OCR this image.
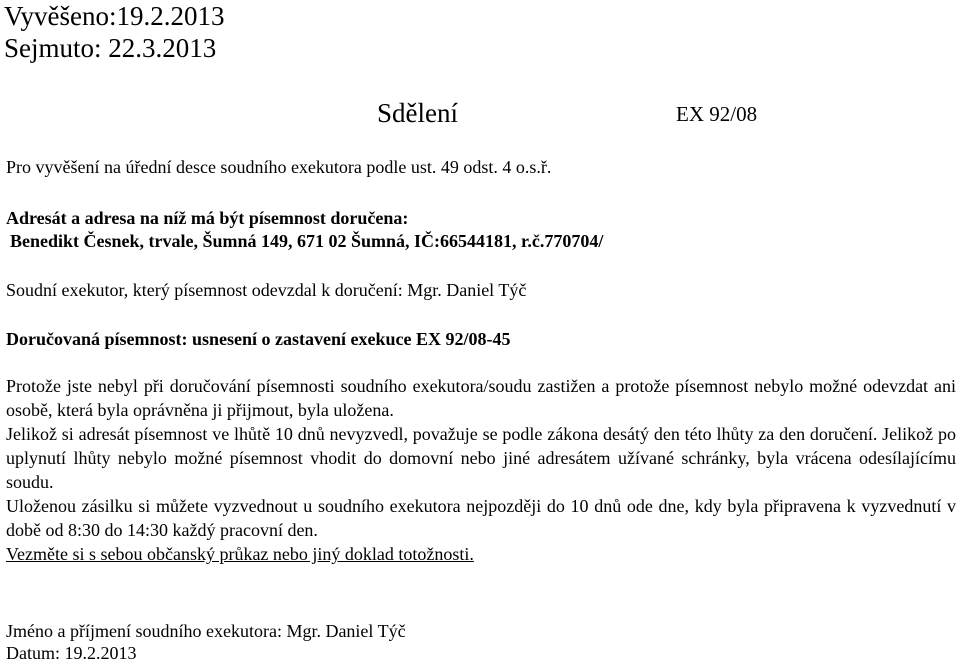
Vyvěšeno:19.2.2013
Sejmuto: 22.3.2013
Sdělení	EX 92/08
Pro vyvěšení na úřední desce soudního exekutora podle ust. 49 odst. 4 o.s.ř.
Adresát a adresa na níž má být písemnost doručena:
Benedikt Česnek, trvale, Šumná 149, 671 02 Šumná, IČ:66544181, r.č.770704/
Soudní exekutor, který písemnost odevzdal k doručení: Mgr. Daniel Týč
Doručovaná písemnost: usnesení o zastavení exekuce EX 92/08-45
Protože jste nebyl při doručování písemnosti soudního exekutora/soudu zastižen a protože písemnost nebylo možné odevzdat ani osobě, která byla oprávněna ji přijmout, byla uložena.
Jelikož si adresát písemnost ve lhůtě 10 dnů nevyzvedl, považuje se podle zákona desátý den této lhůty za den doručení. Jelikož po uplynutí lhůty nebylo možné písemnost vhodit do domovní nebo jiné adresátem užívané schránky, byla vrácena odesílajícímu soudu.
Uloženou zásilku si můžete vyzvednout u soudního exekutora nejpozději do 10 dnů ode dne, kdy byla připravena k vyzvednutí v době od 8:30 do 14:30 každý pracovní den.
Vezměte si s sebou občanský průkaz nebo jiný doklad totožnosti.
Jméno a příjmení soudního exekutora: Mgr. Daniel Týč
Datum: 19.2.2013
